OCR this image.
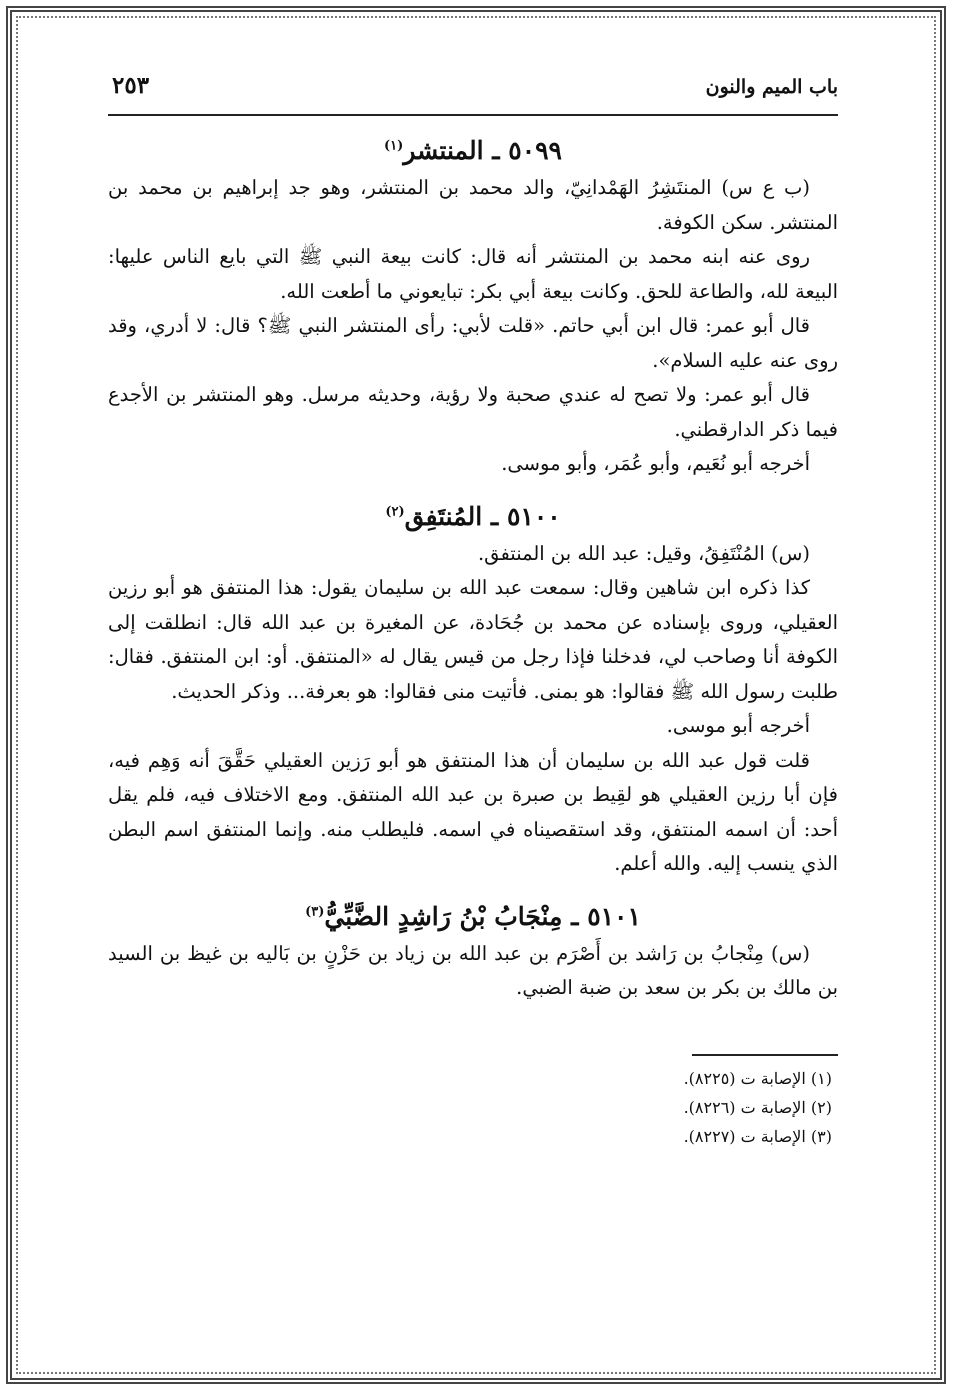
باب الميم والنون
٢٥٣
٥٠٩٩ ـ المنتشر$^{(١)}$

(ب ع س) المنتَشِرُ الهَمْدانِيّ، والد محمد بن المنتشر، وهو جد إبراهيم بن محمد بن المنتشر. سكن الكوفة.

روى عنه ابنه محمد بن المنتشر أنه قال: كانت بيعة النبي ﷺ التي بايع الناس عليها: البيعة لله، والطاعة للحق. وكانت بيعة أبي بكر: تبايعوني ما أطعت الله.

قال أبو عمر: قال ابن أبي حاتم. «قلت لأبي: رأى المنتشر النبي ﷺ؟ قال: لا أدري، وقد روى عنه عليه السلام».

قال أبو عمر: ولا تصح له عندي صحبة ولا رؤية، وحديثه مرسل. وهو المنتشر بن الأجدع فيما ذكر الدارقطني.

أخرجه أبو نُعَيم، وأبو عُمَر، وأبو موسى.

٥١٠٠ ـ المُنتَفِق$^{(٢)}$

(س) المُنْتَفِقُ، وقيل: عبد الله بن المنتفق.

كذا ذكره ابن شاهين وقال: سمعت عبد الله بن سليمان يقول: هذا المنتفق هو أبو رزين العقيلي، وروى بإسناده عن محمد بن جُحَادة، عن المغيرة بن عبد الله قال: انطلقت إلى الكوفة أنا وصاحب لي، فدخلنا فإذا رجل من قيس يقال له «المنتفق. أو: ابن المنتفق. فقال: طلبت رسول الله ﷺ فقالوا: هو بمنى. فأتيت منى فقالوا: هو بعرفة... وذكر الحديث.

أخرجه أبو موسى.

قلت قول عبد الله بن سليمان أن هذا المنتفق هو أبو رَزين العقيلي حَقَّقَ أنه وَهِم فيه، فإن أبا رزين العقيلي هو لقِيط بن صبرة بن عبد الله المنتفق. ومع الاختلاف فيه، فلم يقل أحد: أن اسمه المنتفق، وقد استقصيناه في اسمه. فليطلب منه. وإنما المنتفق اسم البطن الذي ينسب إليه. والله أعلم.

٥١٠١ ـ مِنْجَابُ بْنُ رَاشِدٍ الضَّبِّيُّ$^{(٣)}$

(س) مِنْجابُ بن رَاشد بن أَصْرَم بن عبد الله بن زياد بن حَزْنٍ بن بَاليه بن غيظ بن السيد بن مالك بن بكر بن سعد بن ضبة الضبي.

(١) الإصابة ت (٨٢٢٥).
(٢) الإصابة ت (٨٢٢٦).
(٣) الإصابة ت (٨٢٢٧).
